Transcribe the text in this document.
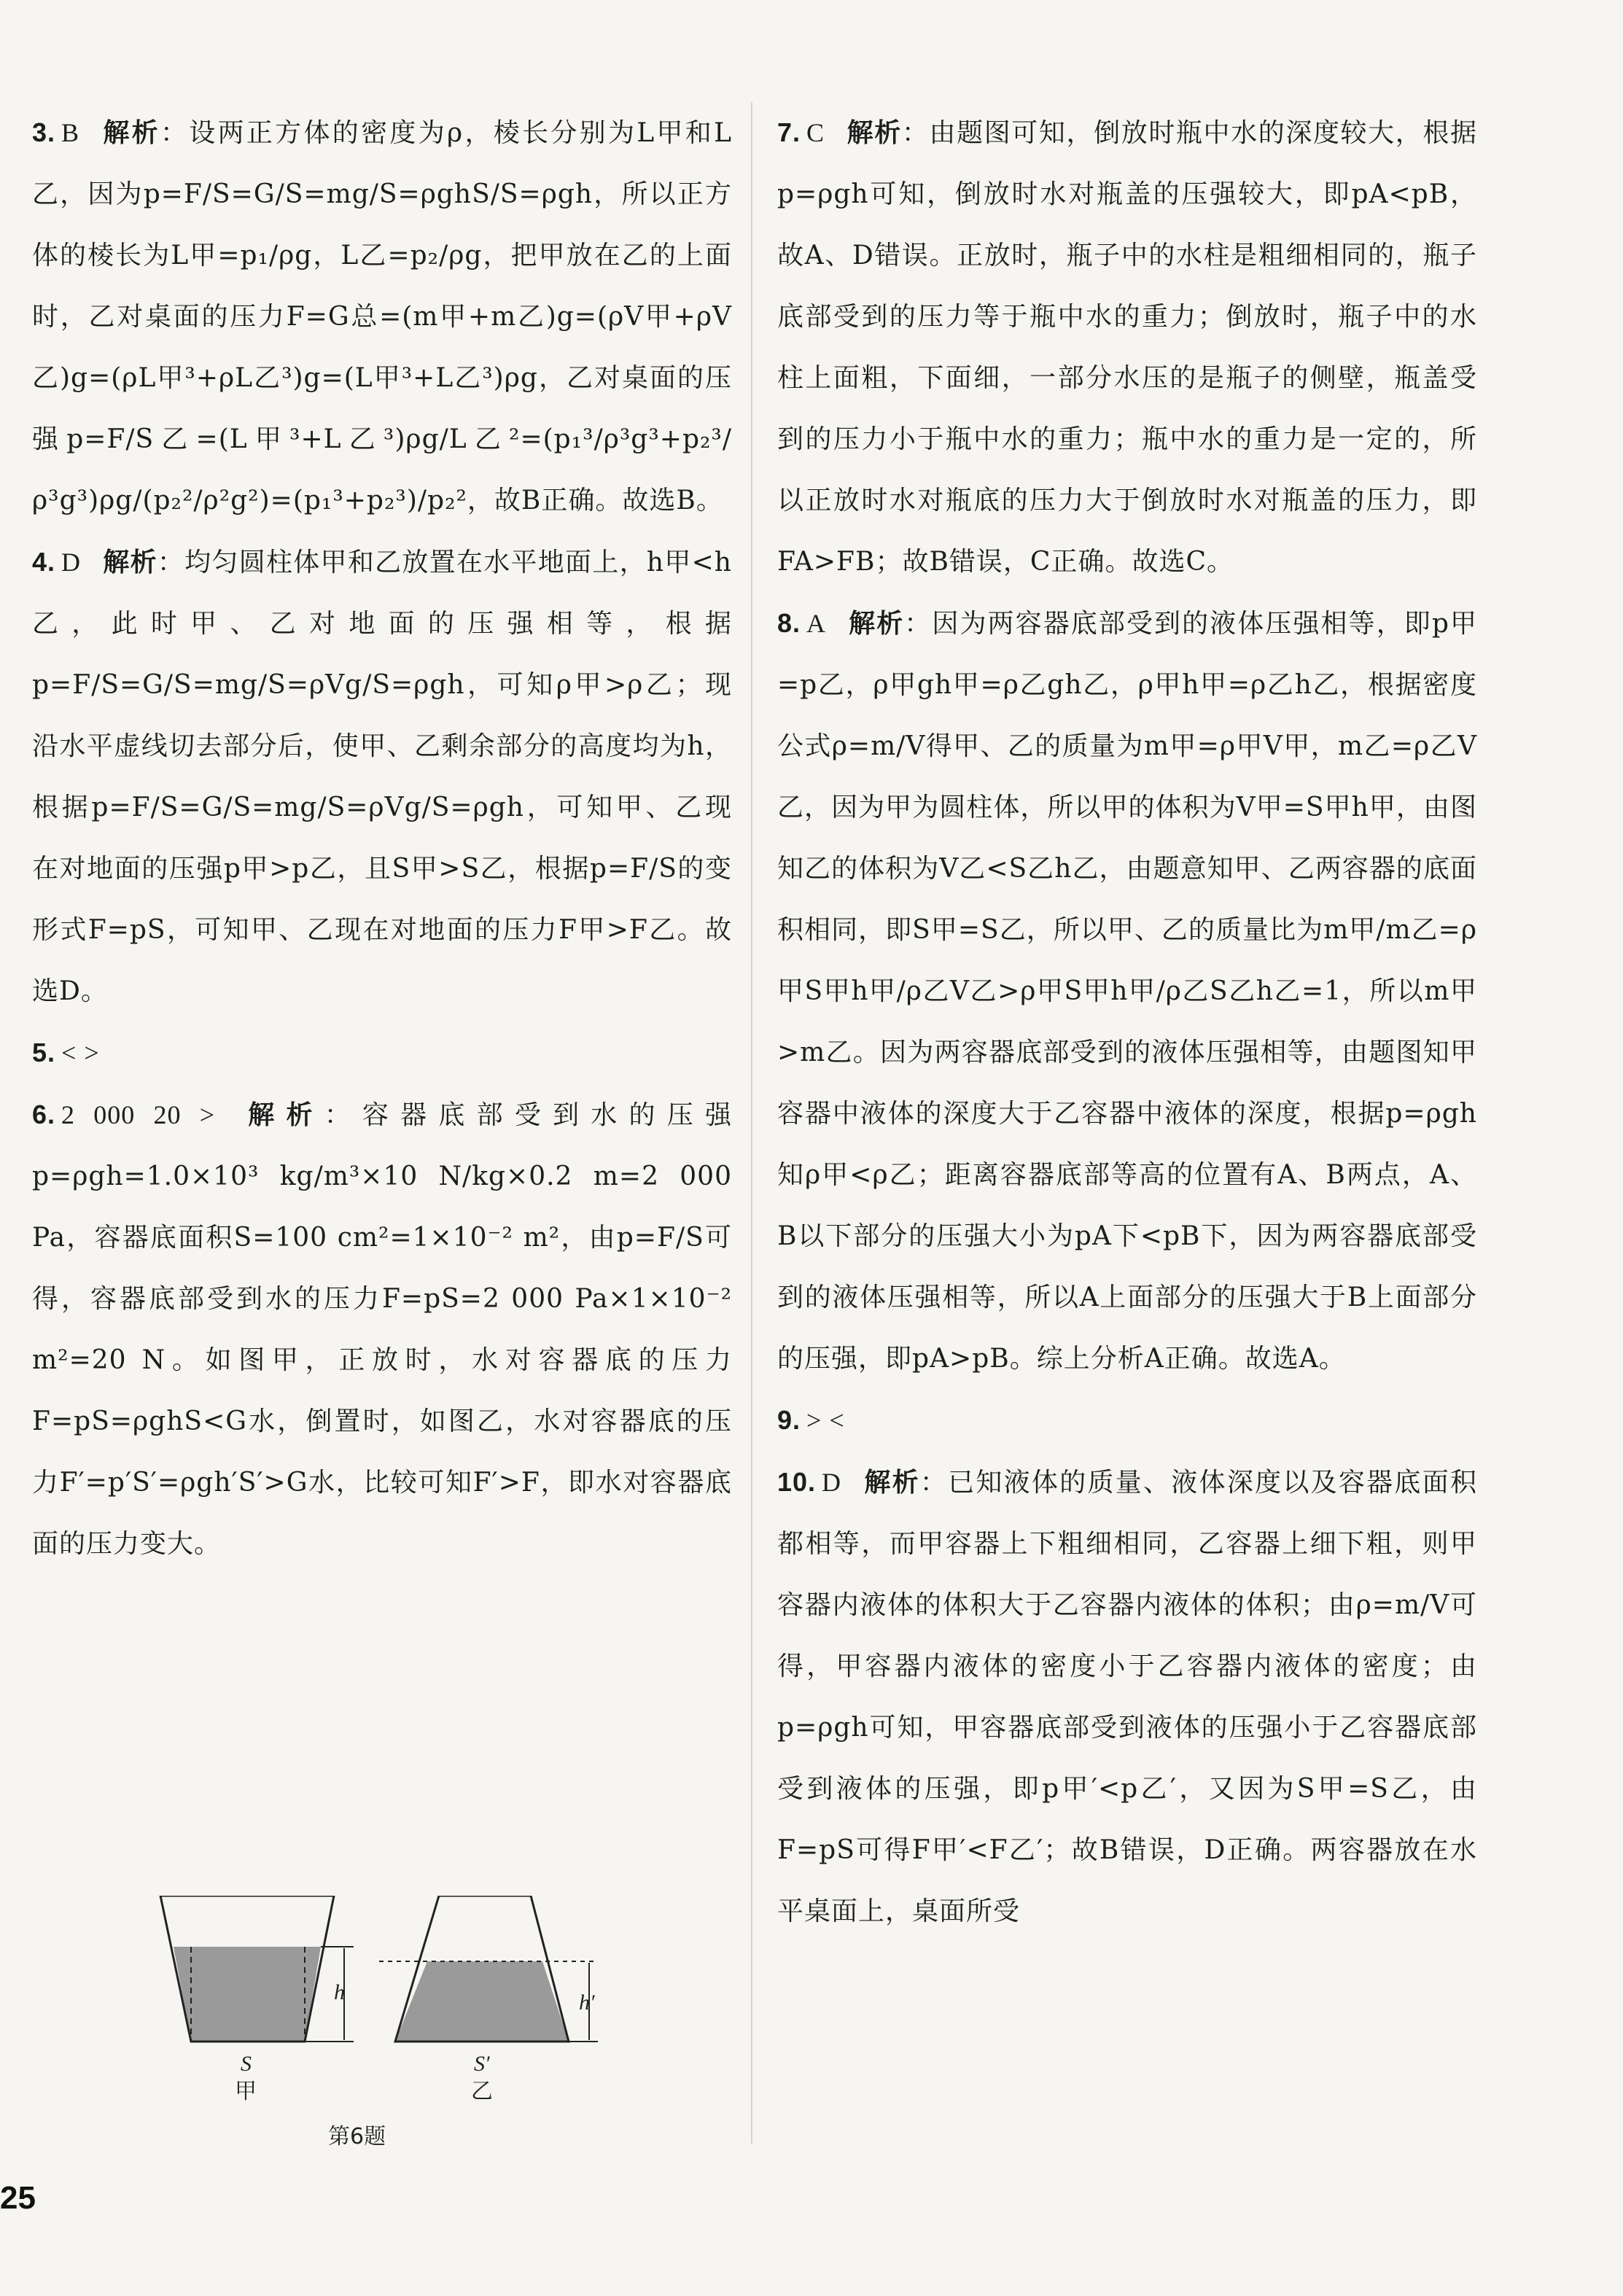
3. B 解析：设两正方体的密度为ρ，棱长分别为L甲和L乙，因为p=F/S=G/S=mg/S=ρghS/S=ρgh，所以正方体的棱长为L甲=p₁/ρg，L乙=p₂/ρg，把甲放在乙的上面时，乙对桌面的压力F=G总=(m甲+m乙)g=(ρV甲+ρV乙)g=(ρL甲³+ρL乙³)g=(L甲³+L乙³)ρg，乙对桌面的压强p=F/S乙=(L甲³+L乙³)ρg/L乙²=(p₁³/ρ³g³+p₂³/ρ³g³)ρg/(p₂²/ρ²g²)=(p₁³+p₂³)/p₂²，故B正确。故选B。

4. D 解析：均匀圆柱体甲和乙放置在水平地面上，h甲<h乙，此时甲、乙对地面的压强相等，根据p=F/S=G/S=mg/S=ρVg/S=ρgh，可知ρ甲>ρ乙；现沿水平虚线切去部分后，使甲、乙剩余部分的高度均为h，根据p=F/S=G/S=mg/S=ρVg/S=ρgh，可知甲、乙现在对地面的压强p甲>p乙，且S甲>S乙，根据p=F/S的变形式F=pS，可知甲、乙现在对地面的压力F甲>F乙。故选D。

5. < >

6. 2 000 20 > 解析：容器底部受到水的压强p=ρgh=1.0×10³ kg/m³×10 N/kg×0.2 m=2 000 Pa，容器底面积S=100 cm²=1×10⁻² m²，由p=F/S可得，容器底部受到水的压力F=pS=2 000 Pa×1×10⁻² m²=20 N。如图甲，正放时，水对容器底的压力F=pS=ρghS<G水，倒置时，如图乙，水对容器底的压力F′=p′S′=ρgh′S′>G水，比较可知F′>F，即水对容器底面的压力变大。

h
S
甲
h′
S′
乙
第6题

7. C 解析：由题图可知，倒放时瓶中水的深度较大，根据p=ρgh可知，倒放时水对瓶盖的压强较大，即pA<pB，故A、D错误。正放时，瓶子中的水柱是粗细相同的，瓶子底部受到的压力等于瓶中水的重力；倒放时，瓶子中的水柱上面粗，下面细，一部分水压的是瓶子的侧壁，瓶盖受到的压力小于瓶中水的重力；瓶中水的重力是一定的，所以正放时水对瓶底的压力大于倒放时水对瓶盖的压力，即FA>FB；故B错误，C正确。故选C。

8. A 解析：因为两容器底部受到的液体压强相等，即p甲=p乙，ρ甲gh甲=ρ乙gh乙，ρ甲h甲=ρ乙h乙，根据密度公式ρ=m/V得甲、乙的质量为m甲=ρ甲V甲，m乙=ρ乙V乙，因为甲为圆柱体，所以甲的体积为V甲=S甲h甲，由图知乙的体积为V乙<S乙h乙，由题意知甲、乙两容器的底面积相同，即S甲=S乙，所以甲、乙的质量比为m甲/m乙=ρ甲S甲h甲/ρ乙V乙>ρ甲S甲h甲/ρ乙S乙h乙=1，所以m甲>m乙。因为两容器底部受到的液体压强相等，由题图知甲容器中液体的深度大于乙容器中液体的深度，根据p=ρgh知ρ甲<ρ乙；距离容器底部等高的位置有A、B两点，A、B以下部分的压强大小为pA下<pB下，因为两容器底部受到的液体压强相等，所以A上面部分的压强大于B上面部分的压强，即pA>pB。综上分析A正确。故选A。

9. > <

10. D 解析：已知液体的质量、液体深度以及容器底面积都相等，而甲容器上下粗细相同，乙容器上细下粗，则甲容器内液体的体积大于乙容器内液体的体积；由ρ=m/V可得，甲容器内液体的密度小于乙容器内液体的密度；由p=ρgh可知，甲容器底部受到液体的压强小于乙容器底部受到液体的压强，即p甲′<p乙′，又因为S甲=S乙，由F=pS可得F甲′<F乙′；故B错误，D正确。两容器放在水平桌面上，桌面所受

25
